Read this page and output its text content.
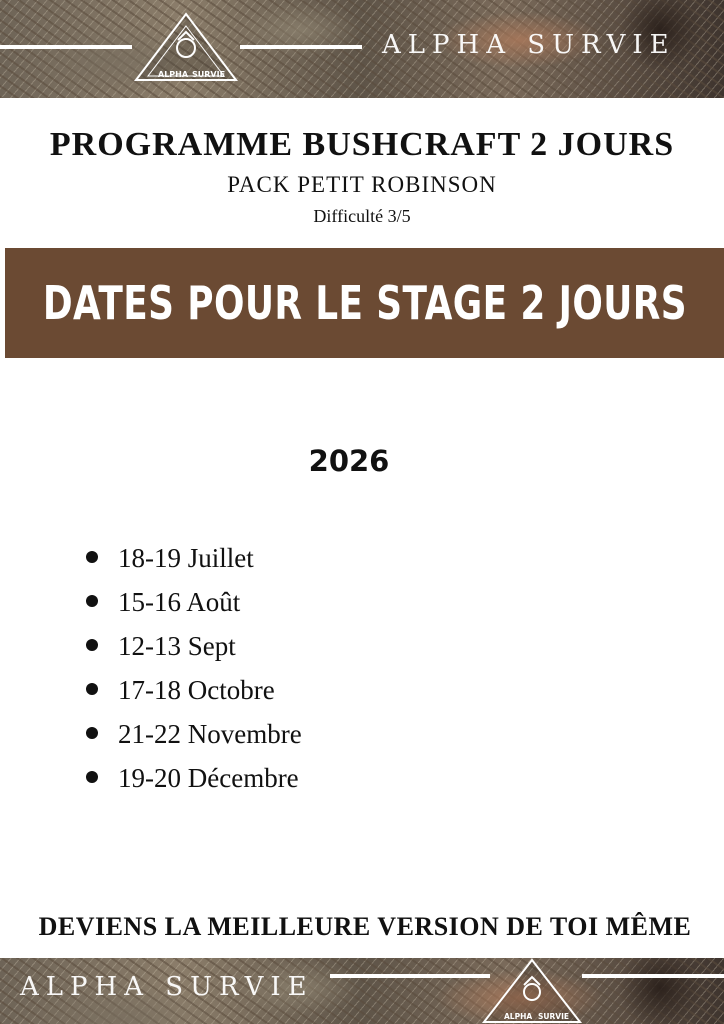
ALPHA SURVIE
ALPHA SURVIE
PROGRAMME BUSHCRAFT 2 JOURS
PACK PETIT ROBINSON
Difficulté 3/5
DATES POUR LE STAGE 2 JOURS
2026
18-19 Juillet
15-16 Août
12-13 Sept
17-18 Octobre
21-22 Novembre
19-20 Décembre
DEVIENS LA MEILLEURE VERSION DE TOI MÊME
ALPHA SURVIE
ALPHA SURVIE
